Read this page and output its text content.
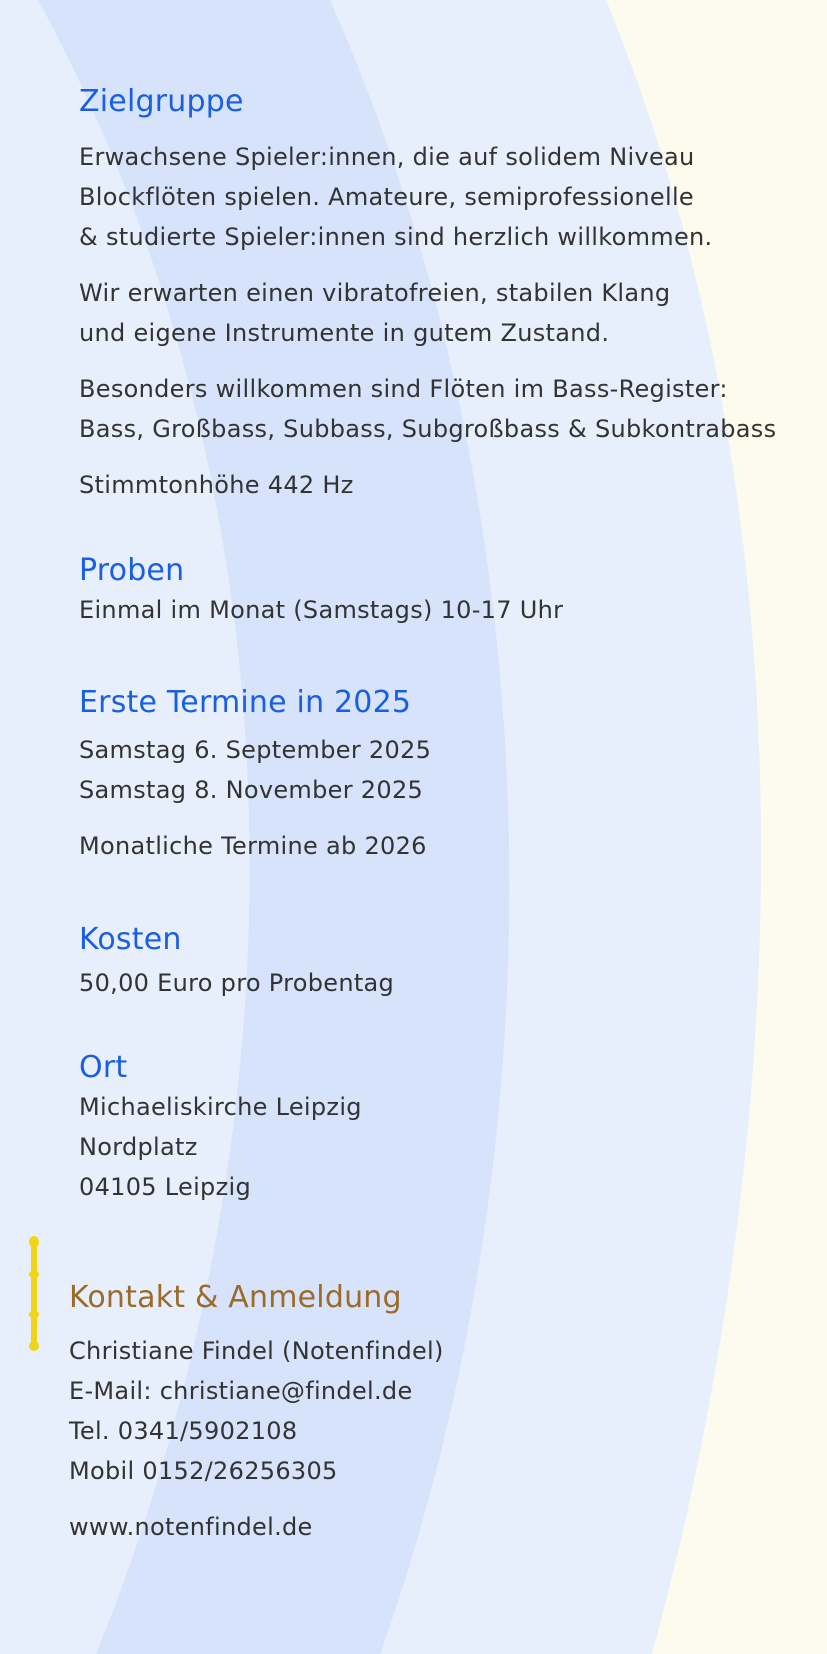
Zielgruppe

Erwachsene Spieler:innen, die auf solidem Niveau

Blockflöten spielen. Amateure, semiprofessionelle

& studierte Spieler:innen sind herzlich willkommen.

Wir erwarten einen vibratofreien, stabilen Klang

und eigene Instrumente in gutem Zustand.

Besonders willkommen sind Flöten im Bass-Register:

Bass, Großbass, Subbass, Subgroßbass & Subkontrabass

Stimmtonhöhe 442 Hz

Proben

Einmal im Monat (Samstags) 10-17 Uhr

Erste Termine in 2025

Samstag 6. September 2025

Samstag 8. November 2025

Monatliche Termine ab 2026

Kosten

50,00 Euro pro Probentag

Ort

Michaeliskirche Leipzig

Nordplatz

04105 Leipzig

Kontakt & Anmeldung

Christiane Findel (Notenfindel)

E-Mail: christiane@findel.de

Tel. 0341/5902108

Mobil 0152/26256305

www.notenfindel.de
